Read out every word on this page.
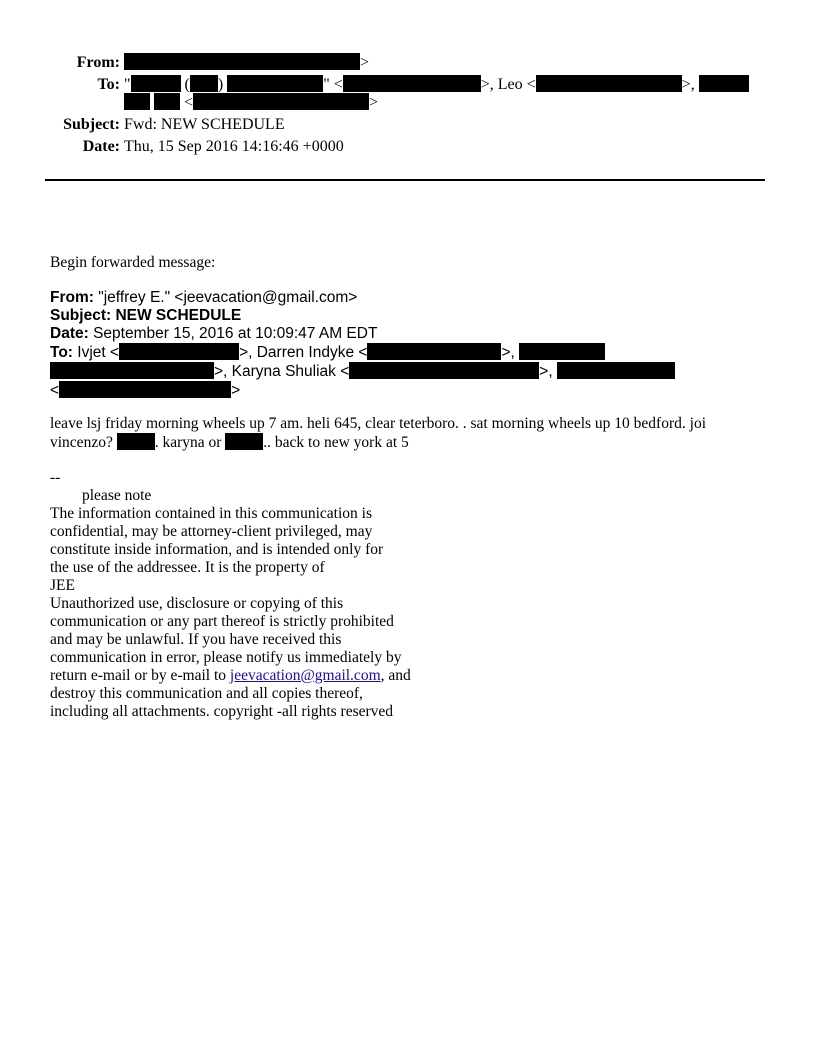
From:	>
To: "	( )	" <	>, Leo <	>,
<	>
Subject: Fwd: NEW SCHEDULE
Date: Thu, 15 Sep 2016 14:16:46 +0000
Begin forwarded message:
From: "jeffrey E." <jeevacation@gmail.com>
Subject: NEW SCHEDULE
Date: September 15, 2016 at 10:09:47 AM EDT
To: Ivjet <	>, Darren Indyke <	>,
>, Karyna Shuliak <	>,
<	>
leave lsj friday morning wheels up 7 am. heli 645, clear teterboro. . sat morning wheels up 10 bedford. joi
vincenzo? . karyna or .. back to new york at 5
--
please note
The information contained in this communication is
confidential, may be attorney-client privileged, may
constitute inside information, and is intended only for
the use of the addressee. It is the property of
JEE
Unauthorized use, disclosure or copying of this
communication or any part thereof is strictly prohibited
and may be unlawful. If you have received this
communication in error, please notify us immediately by
return e-mail or by e-mail to jeevacation@gmail.com, and
destroy this communication and all copies thereof,
including all attachments. copyright -all rights reserved
